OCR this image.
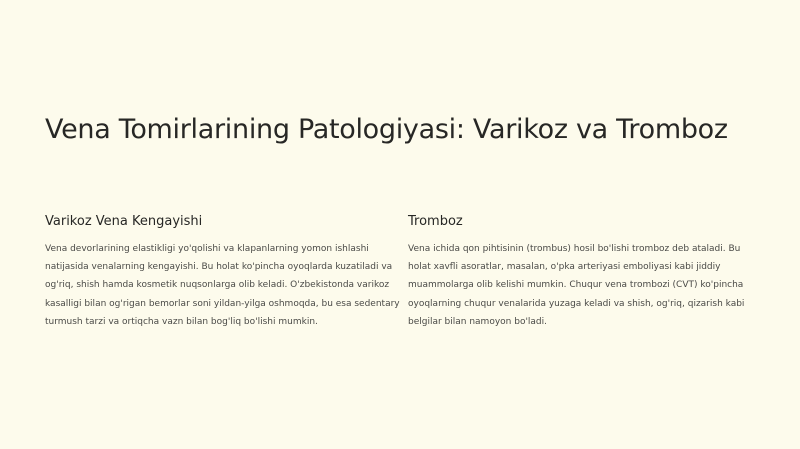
Vena Tomirlarining Patologiyasi: Varikoz va Tromboz
Varikoz Vena Kengayishi

Vena devorlarining elastikligi yo'qolishi va klapanlarning yomon ishlashi natijasida venalarning kengayishi. Bu holat ko'pincha oyoqlarda kuzatiladi va og'riq, shish hamda kosmetik nuqsonlarga olib keladi. O'zbekistonda varikoz kasalligi bilan og'rigan bemorlar soni yildan-yilga oshmoqda, bu esa sedentary turmush tarzi va ortiqcha vazn bilan bog'liq bo'lishi mumkin.

Tromboz

Vena ichida qon pihtisinin (trombus) hosil bo'lishi tromboz deb ataladi. Bu holat xavfli asoratlar, masalan, o'pka arteriyasi emboliyasi kabi jiddiy muammolarga olib kelishi mumkin. Chuqur vena trombozi (CVT) ko'pincha oyoqlarning chuqur venalarida yuzaga keladi va shish, og'riq, qizarish kabi belgilar bilan namoyon bo'ladi.
